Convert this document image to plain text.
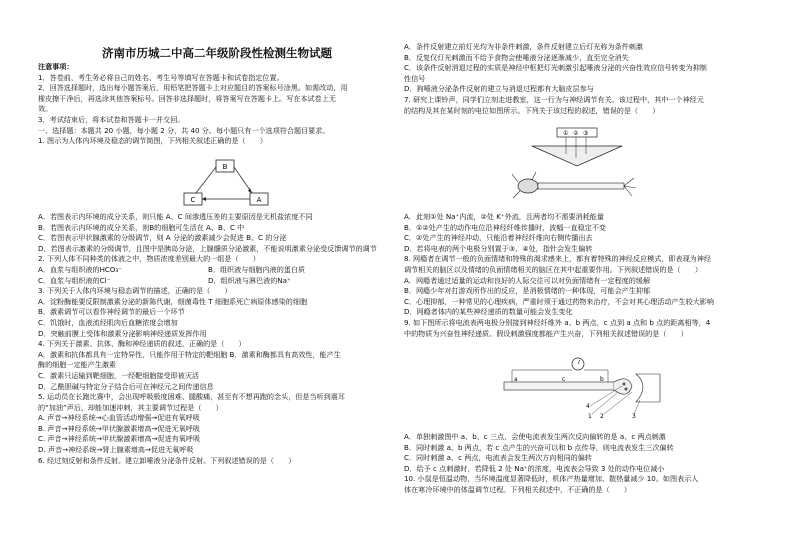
济南市历城二中高二年级阶段性检测生物试题
注意事项：
1．答卷前，考生务必将自己的姓名、考生号等填写在答题卡和试卷指定位置。
2．回答选择题时，选出每小题答案后，用铅笔把答题卡上对应题目的答案标号涂黑。如需改动，用
橡皮擦干净后，再选涂其他答案标号。回答非选择题时，将答案写在答题卡上。写在本试卷上无
效。
3．考试结束后，将本试卷和答题卡一并交回。
一、选择题：本题共 20 小题，每小题 2 分，共 40 分。每小题只有一个选项符合题目要求。
1. 图示为人体内环境及稳态的调节简图，下列相关叙述正确的是（　　）
B
C	A
A．若图表示内环境的成分关系，则只能 A、C 间渗透压差的主要原因是无机盐浓度不同
B．若图表示内环境的成分关系，则B的细胞可生活在 A、B、C 中
C．若图表示甲状腺激素的分级调节，则 A 分泌的激素减少会促进 B、C 的分泌
D．若图表示激素的分级调节，且图中是胰岛分泌，上腺髓质分泌激素，不能说明激素分泌受反馈调节的调节
2. 下列人体不同种类的体液之中，物质浓度差别最大的一组是（　　）
A．血浆与组织液的HCO₃⁻	B．组织液与细胞内液的蛋白质
C．血浆与组织液的Cl⁻	D．组织液与淋巴液的Na⁺
3. 下列关于人体内环境与稳态调节的描述，正确的是（　　）
A．淀粉酶能要反限制激素分泌的新陈代谢，细菌毒性 T 细胞系死亡病原体感染的细胞
B．激素调节可以看作神经调节的最后一个环节
C．饥饿时，血液流经肌肉后血糖浓度会增加
D．突触前膜上受体和激素分泌影响神经递质发挥作用
4. 下列关于激素、抗体、酶和神经递质的叙述，正确的是（　　）
A．激素和抗体都具有一定特异性，只能作用于特定的靶细胞 B．激素和酶都具有高效性，能产生
酶的细胞一定能产生激素
C．激素只运输到靶细胞，一经靶细胞接受即被灭活
D．乙酰胆碱与特定分子结合后可在神经元之间传递信息
5. 运动员在长跑比赛中，会出现呼吸极度困难、腿酸痛，甚至有不想再跑的念头，但是当听到震耳
的“加油”声后，却能加速冲刺，其主要调节过程是（　　）
A. 声音→神经系统→心血管活动增强→促进有氧呼吸
B. 声音→神经系统→甲状腺激素增高→促进无氧呼吸
C. 声音→神经系统→甲状腺激素增高→促进有氧呼吸
D. 声音→神经系统→肾上腺素增高→促进无氧呼吸
6. 经过刻反射和条件反射。建立卸唾液分泌条件反射。下列叙述错误的是（　　）
A．条件反射建立前灯光均为非条件刺激，条件反射建立后灯光称为条件刺激
B．反复仅灯光刺激而不给予食物会使唾液分泌逐渐减少，直至完全消失
C．该条件反射消退过程的实质是神经中枢把灯光刺激引起唾液分泌的兴奋性效应信号转变为抑制
性信号
D．狗唾液分泌条件反射的建立与消退过程都有大脑皮层参与
7. 研究上课铃声，同学们立刻走进教室，这一行为与神经调节有关。该过程中，其中一个神经元
的结构及其在某时刻的电位如图所示。下列关于该过程的叙述，错误的是（　　）
① ② ③
A．此刻①处 Na⁺内流，②处 K⁺外流，且两者均不需要消耗能量
B．①②处产生的动作电位沿神经纤维传播时，波幅一直稳定不变
C．②处产生的神经冲动，只能沿着神经纤维向右侧传播出去
D．若将电表的两个电极分别置于③、④处，指针会发生偏转
8. 网瘾者在调节一般的负面情绪和特殊的渴求感来上，都有着特殊的神经反应模式，即表现为神经
调节相关的脑区以及情绪的负面情绪相关的脑区在其中起重要作用。下列叙述错误的是（　　）
A．网瘾者通过适量的运动和良好的人际交往可以对负面情绪有一定程度的缓解
B．网瘾少年对打游戏所作出的反应，是消极情绪的一种体现，可能会产生抑郁
C．心理抑郁，一种常见的心理疾病，严重时须于通过药物来治疗，不会对其心理活动产生较大影响
D．网瘾者体内的某些神经递质的数量可能会发生变化
9. 如下图所示将电流表两电极分别接到神经纤维外 a、b 两点，c 点到 a 点和 b 点的距离相等，4
中的物质为兴奋性神经递质。假设刺激强度都能产生兴奋，下列相关叙述错误的是（　　）
a	c	b
4
1 2	3
A．单独刺激图中 a、b、c 三点，会使电流表发生两次反向偏转的是 a、c 两点刺激
B．同时刺激 a、b 两点，若 c 点产生的兴奋可以和 b 点传导，则电流表发生三次偏转
C．同时刺激 a、c 两点，电流表会发生两次方向相同的偏转
D．给予 c 点刺激时，若降低 2 处 Na⁺的浓度，电流表会导致 3 处的动作电位减小
10. 小鼠是恒温动物，当环境温度显著降低时，机体产热量增加、散热量减少 10。如图表示人
体在寒冷环境中的体温调节过程。下列相关叙述中，不正确的是（　　）
